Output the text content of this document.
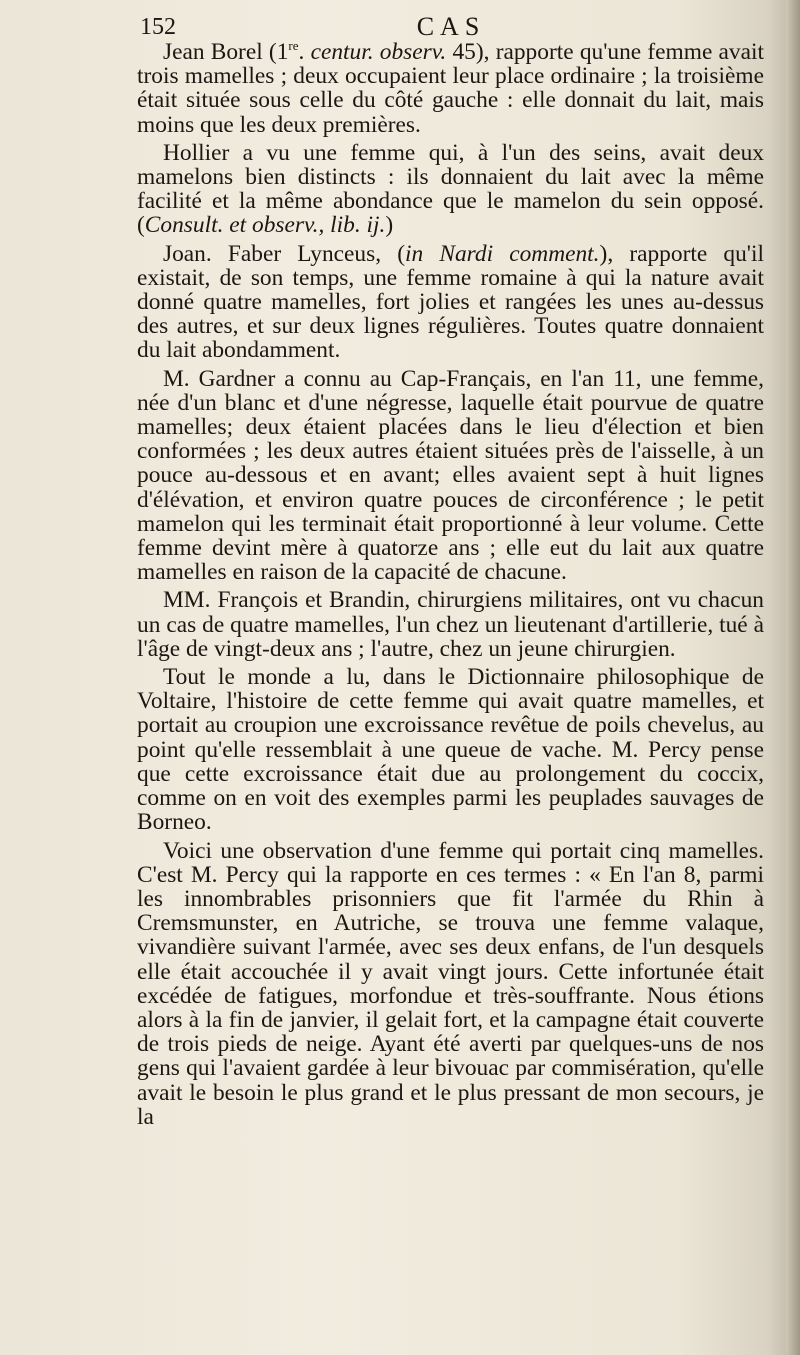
152	CAS

Jean Borel (1re. centur. observ. 45), rapporte qu'une femme avait trois mamelles ; deux occupaient leur place ordinaire ; la troisième était située sous celle du côté gauche : elle donnait du lait, mais moins que les deux premières.

Hollier a vu une femme qui, à l'un des seins, avait deux mamelons bien distincts : ils donnaient du lait avec la même facilité et la même abondance que le mamelon du sein opposé. (Consult. et observ., lib. ij.)

Joan. Faber Lynceus, (in Nardi comment.), rapporte qu'il existait, de son temps, une femme romaine à qui la nature avait donné quatre mamelles, fort jolies et rangées les unes au-dessus des autres, et sur deux lignes régulières. Toutes quatre donnaient du lait abondamment.

M. Gardner a connu au Cap-Français, en l'an 11, une femme, née d'un blanc et d'une négresse, laquelle était pourvue de quatre mamelles; deux étaient placées dans le lieu d'élection et bien conformées ; les deux autres étaient situées près de l'aisselle, à un pouce au-dessous et en avant; elles avaient sept à huit lignes d'élévation, et environ quatre pouces de circonférence ; le petit mamelon qui les terminait était proportionné à leur volume. Cette femme devint mère à quatorze ans ; elle eut du lait aux quatre mamelles en raison de la capacité de chacune.

MM. François et Brandin, chirurgiens militaires, ont vu chacun un cas de quatre mamelles, l'un chez un lieutenant d'artillerie, tué à l'âge de vingt-deux ans ; l'autre, chez un jeune chirurgien.

Tout le monde a lu, dans le Dictionnaire philosophique de Voltaire, l'histoire de cette femme qui avait quatre mamelles, et portait au croupion une excroissance revêtue de poils chevelus, au point qu'elle ressemblait à une queue de vache. M. Percy pense que cette excroissance était due au prolongement du coccix, comme on en voit des exemples parmi les peuplades sauvages de Borneo.

Voici une observation d'une femme qui portait cinq mamelles. C'est M. Percy qui la rapporte en ces termes : « En l'an 8, parmi les innombrables prisonniers que fit l'armée du Rhin à Cremsmunster, en Autriche, se trouva une femme valaque, vivandière suivant l'armée, avec ses deux enfans, de l'un desquels elle était accouchée il y avait vingt jours. Cette infortunée était excédée de fatigues, morfondue et très-souffrante. Nous étions alors à la fin de janvier, il gelait fort, et la campagne était couverte de trois pieds de neige. Ayant été averti par quelques-uns de nos gens qui l'avaient gardée à leur bivouac par commisération, qu'elle avait le besoin le plus grand et le plus pressant de mon secours, je la
